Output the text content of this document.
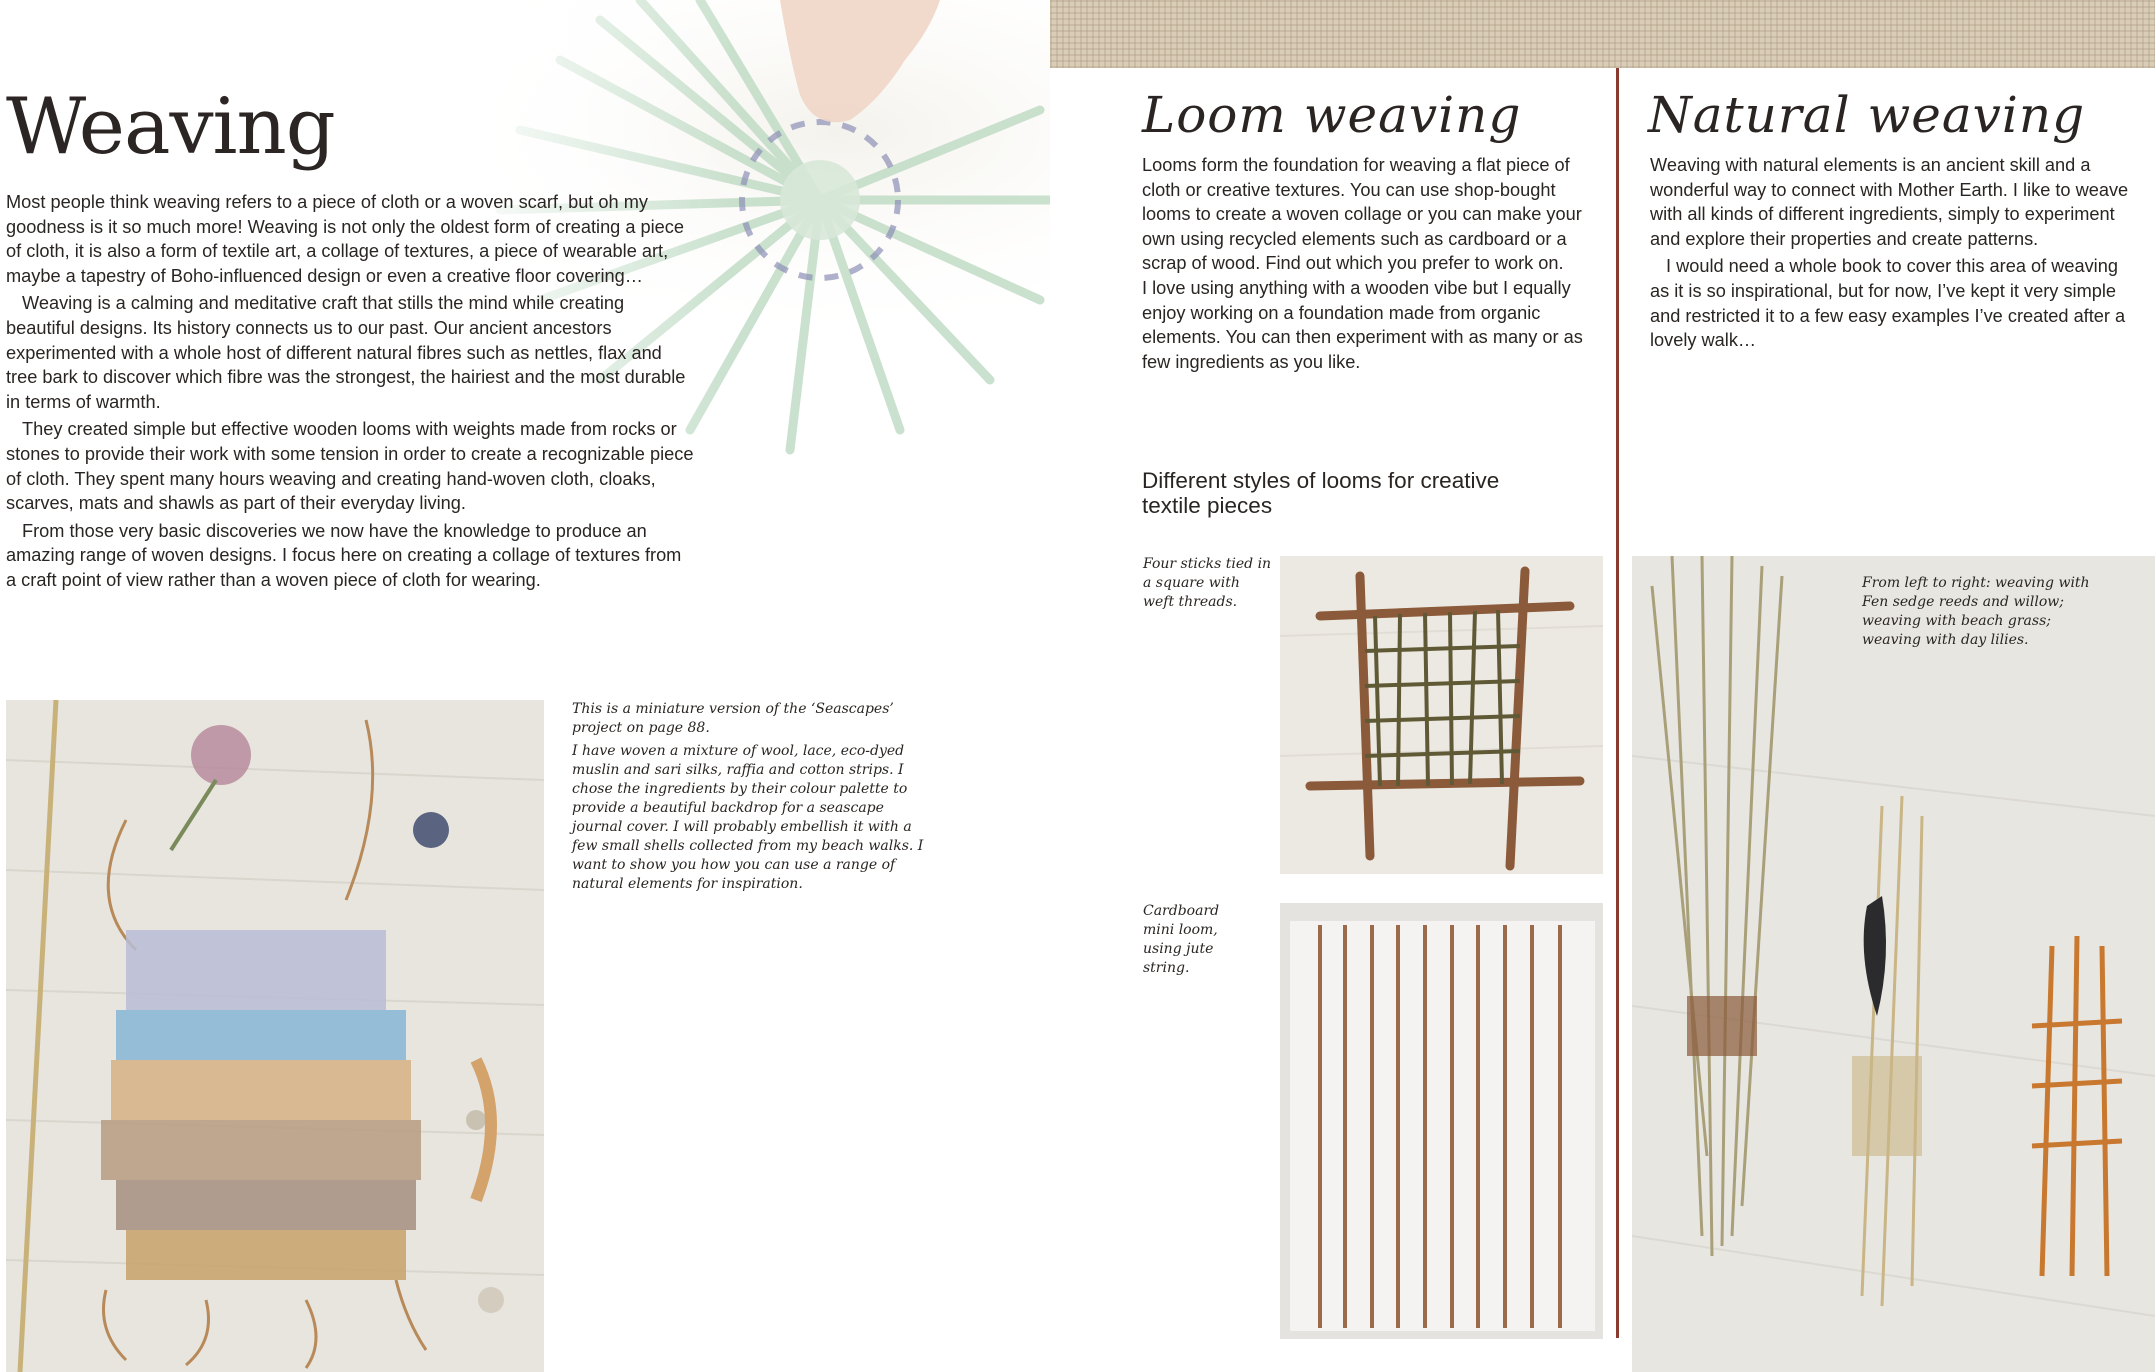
Weaving

Most people think weaving refers to a piece of cloth or a woven scarf, but oh my goodness is it so much more! Weaving is not only the oldest form of creating a piece of cloth, it is also a form of textile art, a collage of textures, a piece of wearable art, maybe a tapestry of Boho-influenced design or even a creative floor covering…

Weaving is a calming and meditative craft that stills the mind while creating beautiful designs. Its history connects us to our past. Our ancient ancestors experimented with a whole host of different natural fibres such as nettles, flax and tree bark to discover which fibre was the strongest, the hairiest and the most durable in terms of warmth.

They created simple but effective wooden looms with weights made from rocks or stones to provide their work with some tension in order to create a recognizable piece of cloth. They spent many hours weaving and creating hand-woven cloth, cloaks, scarves, mats and shawls as part of their everyday living.

From those very basic discoveries we now have the knowledge to produce an amazing range of woven designs. I focus here on creating a collage of textures from a craft point of view rather than a woven piece of cloth for wearing.

This is a miniature version of the ‘Seascapes’ project on page 88.

I have woven a mixture of wool, lace, eco-dyed muslin and sari silks, raffia and cotton strips. I chose the ingredients by their colour palette to provide a beautiful backdrop for a seascape journal cover. I will probably embellish it with a few small shells collected from my beach walks. I want to show you how you can use a range of natural elements for inspiration.

Loom weaving

Looms form the foundation for weaving a flat piece of cloth or creative textures. You can use shop-bought looms to create a woven collage or you can make your own using recycled elements such as cardboard or a scrap of wood. Find out which you prefer to work on.

I love using anything with a wooden vibe but I equally enjoy working on a foundation made from organic elements. You can then experiment with as many or as few ingredients as you like.

Different styles of looms for creative textile pieces
Four sticks tied in a square with weft threads.
Cardboard mini loom, using jute string.
Natural weaving

Weaving with natural elements is an ancient skill and a wonderful way to connect with Mother Earth. I like to weave with all kinds of different ingredients, simply to experiment and explore their properties and create patterns.

I would need a whole book to cover this area of weaving as it is so inspirational, but for now, I’ve kept it very simple and restricted it to a few easy examples I’ve created after a lovely walk…

From left to right: weaving with Fen sedge reeds and willow; weaving with beach grass; weaving with day lilies.
